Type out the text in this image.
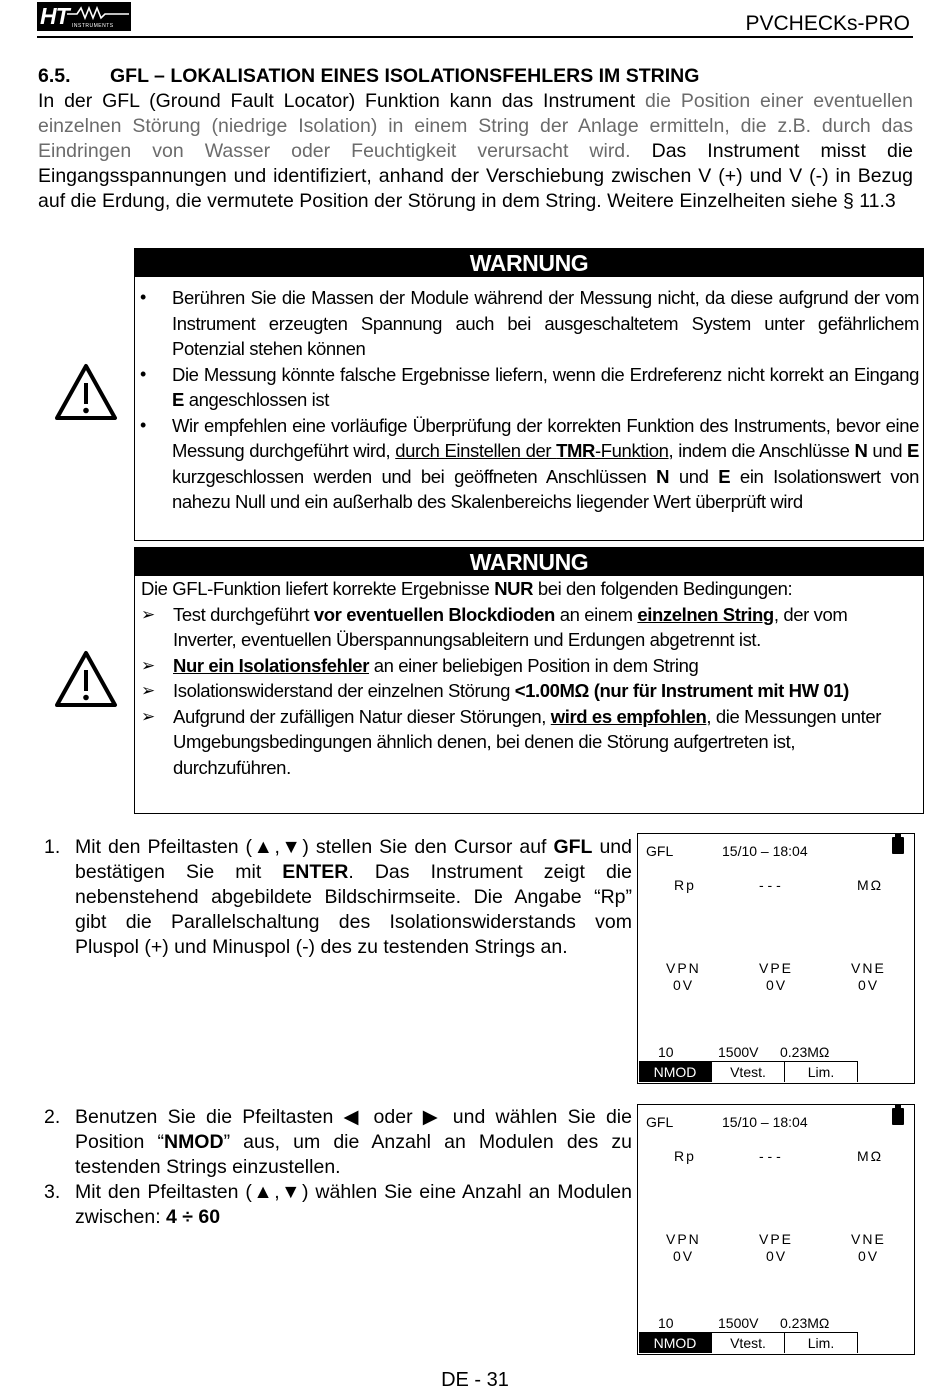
HT INSTRUMENTS	PVCHECKs-PRO
6.5. GFL – LOKALISATION EINES ISOLATIONSFEHLERS IM STRING
In der GFL (Ground Fault Locator) Funktion kann das Instrument die Position einer eventuellen einzelnen Störung (niedrige Isolation) in einem String der Anlage ermitteln, die z.B. durch das Eindringen von Wasser oder Feuchtigkeit verursacht wird. Das Instrument misst die Eingangsspannungen und identifiziert, anhand der Verschiebung zwischen V (+) und V (-) in Bezug auf die Erdung, die vermutete Position der Störung in dem String. Weitere Einzelheiten siehe § 11.3
WARNUNG
• Berühren Sie die Massen der Module während der Messung nicht, da diese aufgrund der vom Instrument erzeugten Spannung auch bei ausgeschaltetem System unter gefährlichem Potenzial stehen können
• Die Messung könnte falsche Ergebnisse liefern, wenn die Erdreferenz nicht korrekt an Eingang E angeschlossen ist
• Wir empfehlen eine vorläufige Überprüfung der korrekten Funktion des Instruments, bevor eine Messung durchgeführt wird, durch Einstellen der TMR-Funktion, indem die Anschlüsse N und E kurzgeschlossen werden und bei geöffneten Anschlüssen N und E ein Isolationswert von nahezu Null und ein außerhalb des Skalenbereichs liegender Wert überprüft wird
WARNUNG
Die GFL-Funktion liefert korrekte Ergebnisse NUR bei den folgenden Bedingungen:
➢ Test durchgeführt vor eventuellen Blockdioden an einem einzelnen String, der vom Inverter, eventuellen Überspannungsableitern und Erdungen abgetrennt ist.
➢ Nur ein Isolationsfehler an einer beliebigen Position in dem String
➢ Isolationswiderstand der einzelnen Störung <1.00MΩ (nur für Instrument mit HW 01)
➢ Aufgrund der zufälligen Natur dieser Störungen, wird es empfohlen, die Messungen unter Umgebungsbedingungen ähnlich denen, bei denen die Störung aufgertreten ist, durchzuführen.
1. Mit den Pfeiltasten (▲,▼) stellen Sie den Cursor auf GFL und bestätigen Sie mit ENTER. Das Instrument zeigt die nebenstehend abgebildete Bildschirmseite. Die Angabe “Rp” gibt die Parallelschaltung des Isolationswiderstands vom Pluspol (+) und Minuspol (-) des zu testenden Strings an.
GFL	15/10 – 18:04
Rp	- - -	MΩ
VPN	VPE	VNE
0V	0V	0V
10	1500V 0.23MΩ
NMOD	Vtest.	Lim.
2. Benutzen Sie die Pfeiltasten ◀ oder ▶ und wählen Sie die Position “NMOD” aus, um die Anzahl an Modulen des zu testenden Strings einzustellen.
3. Mit den Pfeiltasten (▲,▼) wählen Sie eine Anzahl an Modulen zwischen: 4 ÷ 60
GFL	15/10 – 18:04
Rp	- - -	MΩ
VPN	VPE	VNE
0V	0V	0V
10	1500V 0.23MΩ
NMOD	Vtest.	Lim.
DE - 31
